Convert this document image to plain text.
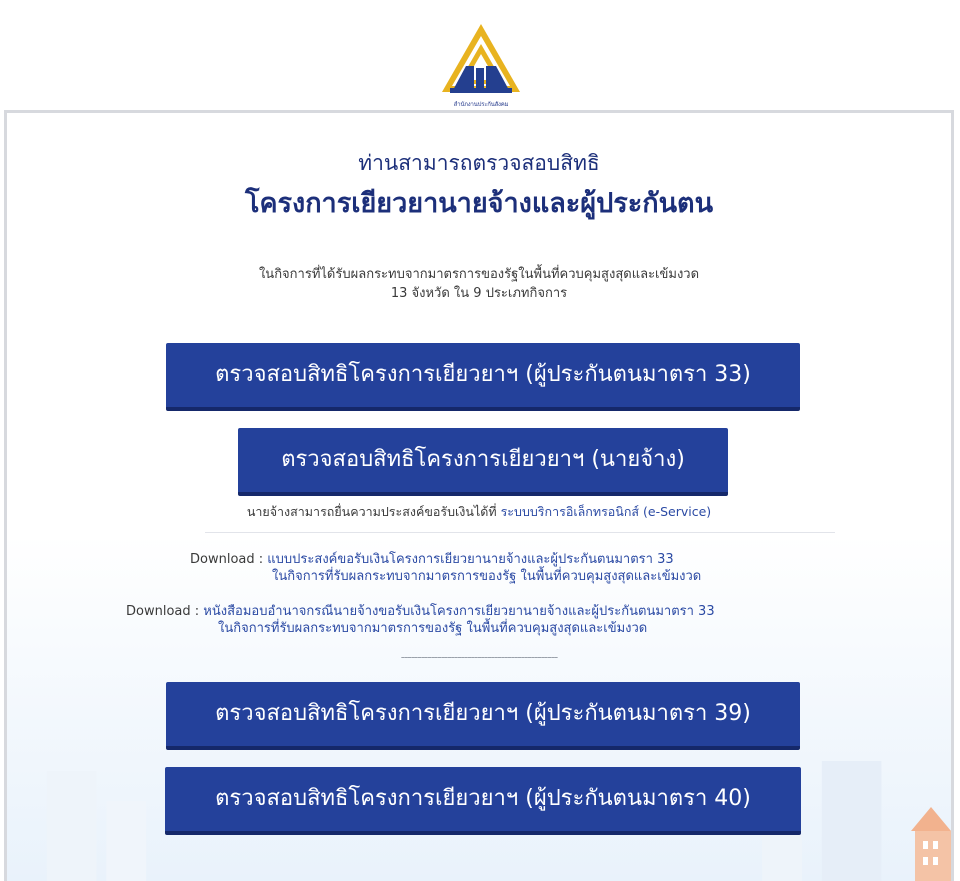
สำนักงานประกันสังคม
ท่านสามารถตรวจสอบสิทธิ
โครงการเยียวยานายจ้างและผู้ประกันตน
ในกิจการที่ได้รับผลกระทบจากมาตรการของรัฐในพื้นที่ควบคุมสูงสุดและเข้มงวด
13 จังหวัด ใน 9 ประเภทกิจการ
ตรวจสอบสิทธิโครงการเยียวยาฯ (ผู้ประกันตนมาตรา 33)
ตรวจสอบสิทธิโครงการเยียวยาฯ (นายจ้าง)
นายจ้างสามารถยื่นความประสงค์ขอรับเงินได้ที่ ระบบบริการอิเล็กทรอนิกส์ (e-Service)
Download : แบบประสงค์ขอรับเงินโครงการเยียวยานายจ้างและผู้ประกันตนมาตรา 33
ในกิจการที่รับผลกระทบจากมาตรการของรัฐ ในพื้นที่ควบคุมสูงสุดและเข้มงวด
Download : หนังสือมอบอำนาจกรณีนายจ้างขอรับเงินโครงการเยียวยานายจ้างและผู้ประกันตนมาตรา 33
ในกิจการที่รับผลกระทบจากมาตรการของรัฐ ในพื้นที่ควบคุมสูงสุดและเข้มงวด
-----------------------------------------------
ตรวจสอบสิทธิโครงการเยียวยาฯ (ผู้ประกันตนมาตรา 39)
ตรวจสอบสิทธิโครงการเยียวยาฯ (ผู้ประกันตนมาตรา 40)
